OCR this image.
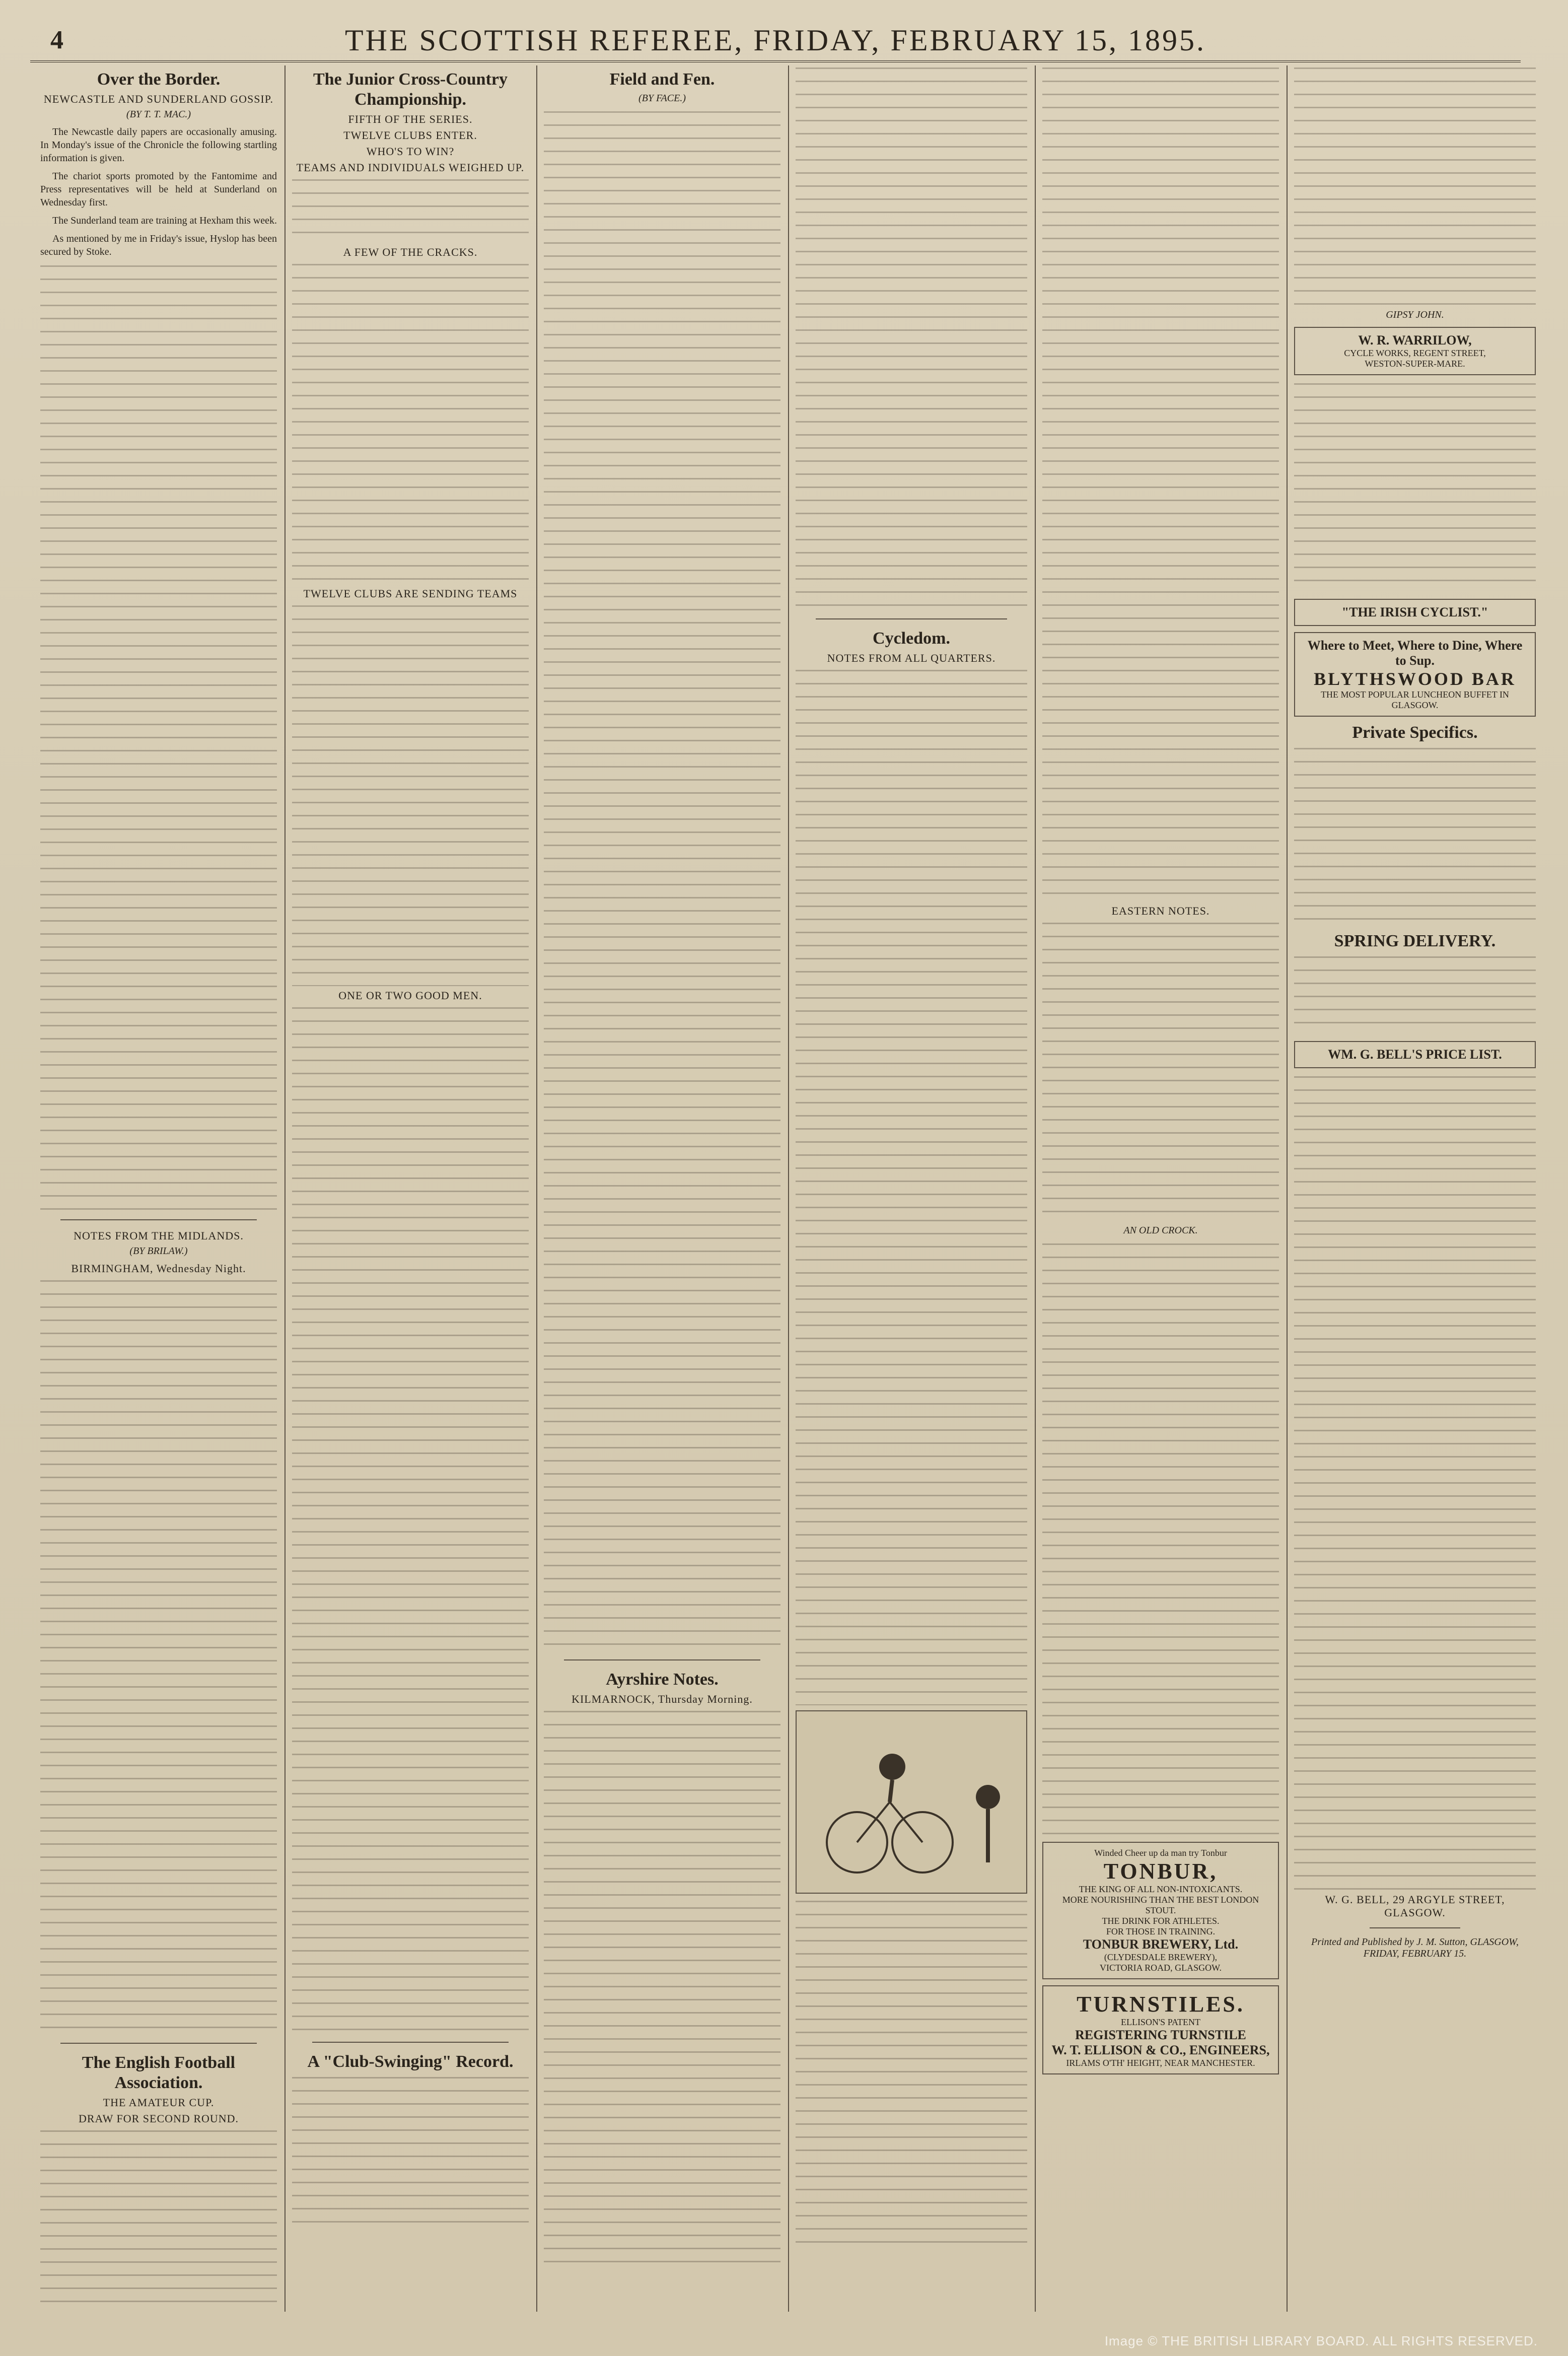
4	THE SCOTTISH REFEREE, FRIDAY, FEBRUARY 15, 1895.
Over the Border.
NEWCASTLE AND SUNDERLAND GOSSIP.
(BY T. T. MAC.)

The Newcastle daily papers are occasionally amusing. In Monday's issue of the Chronicle the following startling information is given.

The chariot sports promoted by the Fantomime and Press representatives will be held at Sunderland on Wednesday first.

The Sunderland team are training at Hexham this week.

As mentioned by me in Friday's issue, Hyslop has been secured by Stoke.

NOTES FROM THE MIDLANDS.
(BY BRILAW.)
BIRMINGHAM, Wednesday Night.
The English Football Association.
THE AMATEUR CUP.
DRAW FOR SECOND ROUND.
The Junior Cross-Country Championship.
FIFTH OF THE SERIES.
TWELVE CLUBS ENTER.
WHO'S TO WIN?
TEAMS AND INDIVIDUALS WEIGHED UP.
A FEW OF THE CRACKS.
TWELVE CLUBS ARE SENDING TEAMS
ONE OR TWO GOOD MEN.
A "Club-Swinging" Record.
Field and Fen.
(BY FACE.)
Ayrshire Notes.
KILMARNOCK, Thursday Morning.
Cycledom.
NOTES FROM ALL QUARTERS.
EASTERN NOTES.
AN OLD CROCK.
Winded Cheer up da man try Tonbur
TONBUR,
THE KING OF ALL NON-INTOXICANTS.
MORE NOURISHING THAN THE BEST LONDON STOUT.
THE DRINK FOR ATHLETES.
FOR THOSE IN TRAINING.
TONBUR BREWERY, Ltd.
(CLYDESDALE BREWERY),
VICTORIA ROAD, GLASGOW.
TURNSTILES.
ELLISON'S PATENT
REGISTERING TURNSTILE
W. T. ELLISON & CO., ENGINEERS,
IRLAMS O'TH' HEIGHT, NEAR MANCHESTER.
GIPSY JOHN.
W. R. WARRILOW,
CYCLE WORKS, REGENT STREET,
WESTON-SUPER-MARE.
"THE IRISH CYCLIST."
Where to Meet, Where to Dine, Where to Sup.
BLYTHSWOOD BAR
THE MOST POPULAR LUNCHEON BUFFET IN GLASGOW.
Private Specifics.
SPRING DELIVERY.
WM. G. BELL'S PRICE LIST.
W. G. BELL, 29 ARGYLE STREET, GLASGOW.
Printed and Published by J. M. Sutton, GLASGOW, FRIDAY, FEBRUARY 15.
Image © THE BRITISH LIBRARY BOARD. ALL RIGHTS RESERVED.
